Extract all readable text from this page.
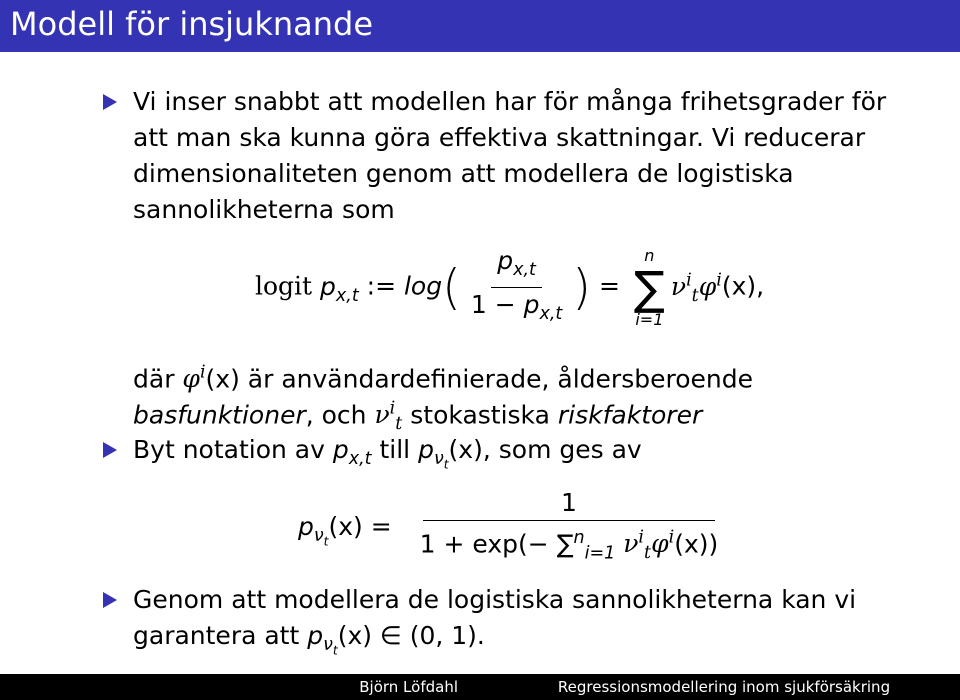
Modell för insjuknande
Vi inser snabbt att modellen har för många frihetsgrader för
att man ska kunna göra effektiva skattningar. Vi reducerar
dimensionaliteten genom att modellera de logistiska
sannolikheterna som
logit $p_{x,t}$ := $\log( \frac{p_{x,t}}{1 - p_{x,t}}$ ) =
n
∑
i=1
$\nu^i_t\varphi^i(x)$,
där $\varphi^i(x)$ är användardefinierade, åldersberoende
basfunktioner, och $\nu^i_t$ stokastiska riskfaktorer
Byt notation av $p_{x,t}$ till $p_{\nu_t}(x)$, som ges av
$p_{\nu_t}(x) = \frac{1}{1 + \exp(- \sum^n_{i=1} \nu^i_t\varphi^i(x))}$
Genom att modellera de logistiska sannolikheterna kan vi
garantera att $p_{\nu_t}(x)$ ∈ (0, 1).
Björn Löfdahl	Regressionsmodellering inom sjukförsäkring
